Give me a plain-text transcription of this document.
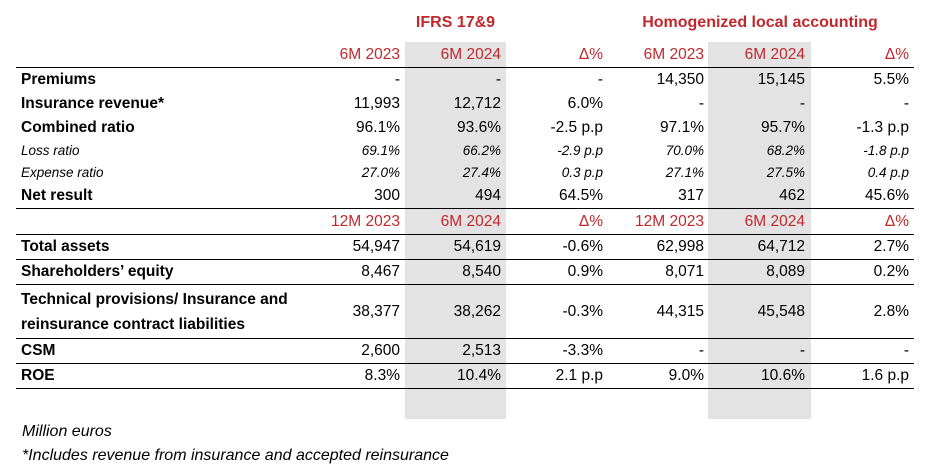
IFRS 17&9	Homogenized local accounting
	6M 2023	6M 2024	Δ%	6M 2023	6M 2024	Δ%
Premiums	-	-	-	14,350	15,145	5.5%
Insurance revenue*	11,993	12,712	6.0%	-	-	-
Combined ratio	96.1%	93.6%	-2.5 p.p	97.1%	95.7%	-1.3 p.p
Loss ratio	69.1%	66.2%	-2.9 p.p	70.0%	68.2%	-1.8 p.p
Expense ratio	27.0%	27.4%	0.3 p.p	27.1%	27.5%	0.4 p.p
Net result	300	494	64.5%	317	462	45.6%
	12M 2023	6M 2024	Δ%	12M 2023	6M 2024	Δ%
Total assets	54,947	54,619	-0.6%	62,998	64,712	2.7%
Shareholders’ equity	8,467	8,540	0.9%	8,071	8,089	0.2%
Technical provisions/ Insurance and reinsurance contract liabilities	38,377	38,262	-0.3%	44,315	45,548	2.8%
CSM	2,600	2,513	-3.3%	-	-	-
ROE	8.3%	10.4%	2.1 p.p	9.0%	10.6%	1.6 p.p
Million euros
*Includes revenue from insurance and accepted reinsurance
